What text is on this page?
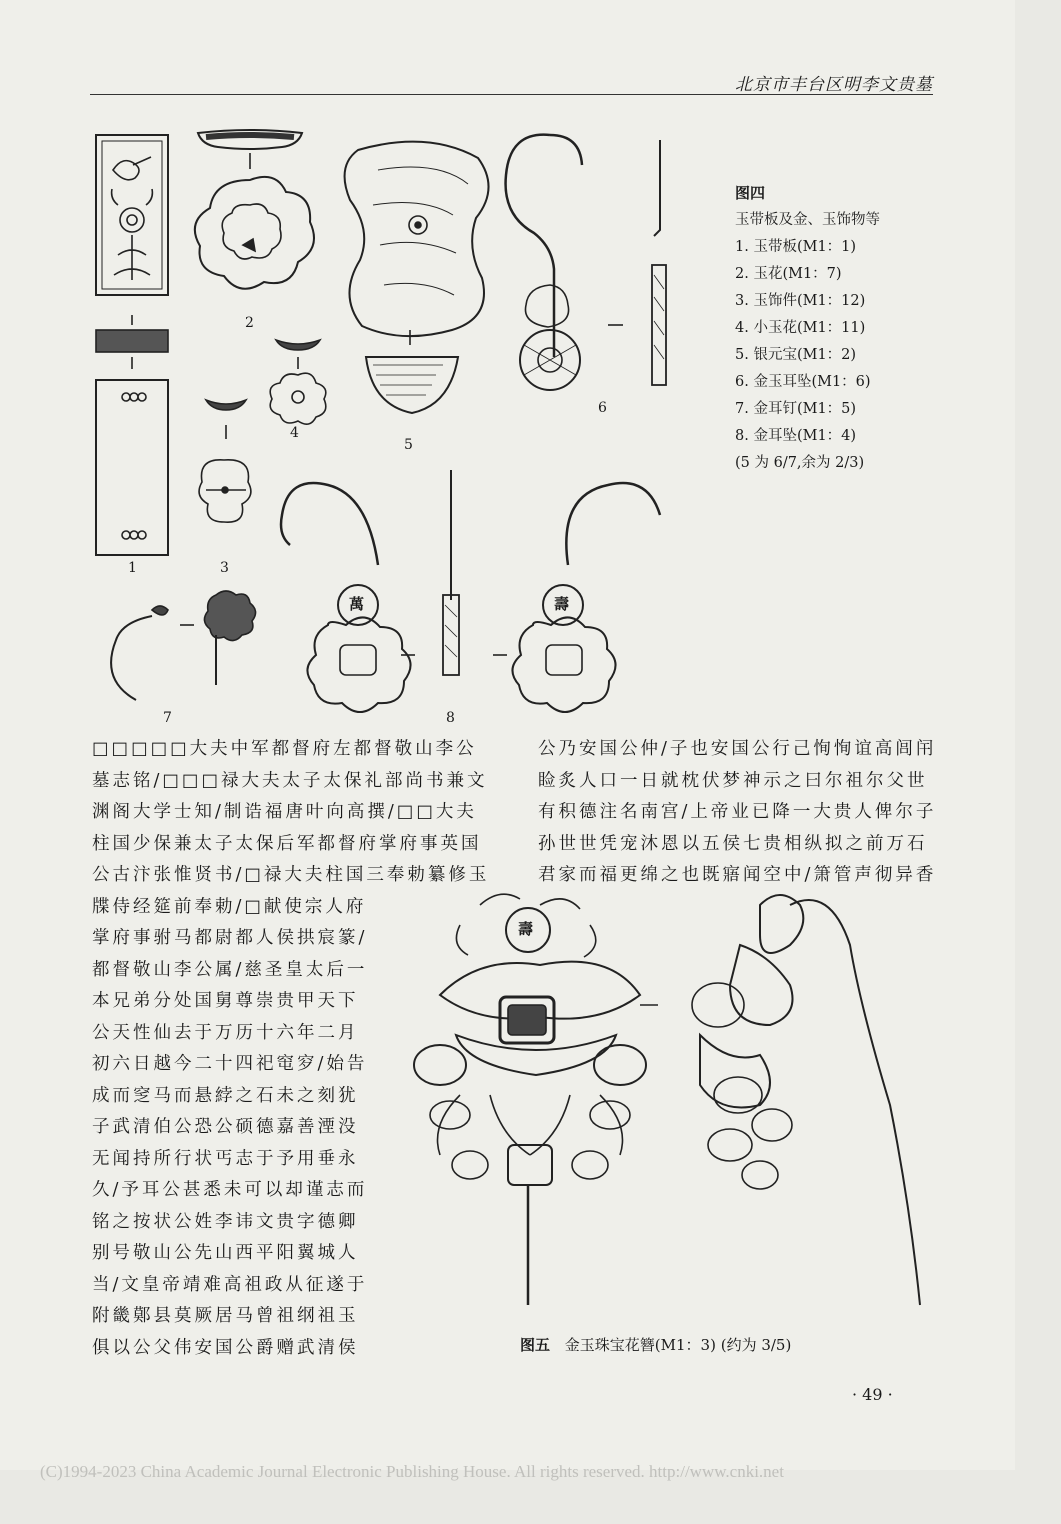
北京市丰台区明李文贵墓
1
2
3
4
5
6
7	8
萬	壽
图四
玉带板及金、玉饰物等
1. 玉带板(M1：1)
2. 玉花(M1：7)
3. 玉饰件(M1：12)
4. 小玉花(M1：11)
5. 银元宝(M1：2)
6. 金玉耳坠(M1：6)
7. 金耳钉(M1：5)
8. 金耳坠(M1：4)
(5 为 6/7,余为 2/3)
□□□□□大夫中军都督府左都督敬山李公
墓志铭/□□□禄大夫太子太保礼部尚书兼文
渊阁大学士知/制诰福唐叶向高撰/□□大夫
柱国少保兼太子太保后军都督府掌府事英国
公古汴张惟贤书/□禄大夫柱国三奉勅纂修玉
牒侍经筵前奉勅/□献使宗人府
掌府事驸马都尉都人侯拱宸篆/
都督敬山李公属/慈圣皇太后一
本兄弟分处国舅尊崇贵甲天下
公天性仙去于万历十六年二月
初六日越今二十四祀窀穸/始告
成而窆马而悬綍之石未之刻犹
子武清伯公恐公硕德嘉善湮没
无闻持所行状丐志于予用垂永
久/予耳公甚悉未可以却谨志而
铭之按状公姓李讳文贵字德卿
别号敬山公先山西平阳翼城人
当/文皇帝靖难高祖政从征遂于
附畿鄚县莫厥居马曾祖纲祖玉
俱以公父伟安国公爵赠武清侯
公乃安国公仲/子也安国公行己恂恂谊高闾闬
睑炙人口一日就枕伏梦神示之曰尔祖尔父世
有积德注名南宫/上帝业已降一大贵人俾尔子
孙世世凭宠沐恩以五侯七贵相纵拟之前万石
君家而福更绵之也既寤闻空中/箫管声彻异香
壽
图五 金玉珠宝花簪(M1：3) (约为 3/5)
· 49 ·
(C)1994-2023 China Academic Journal Electronic Publishing House. All rights reserved. http://www.cnki.net
